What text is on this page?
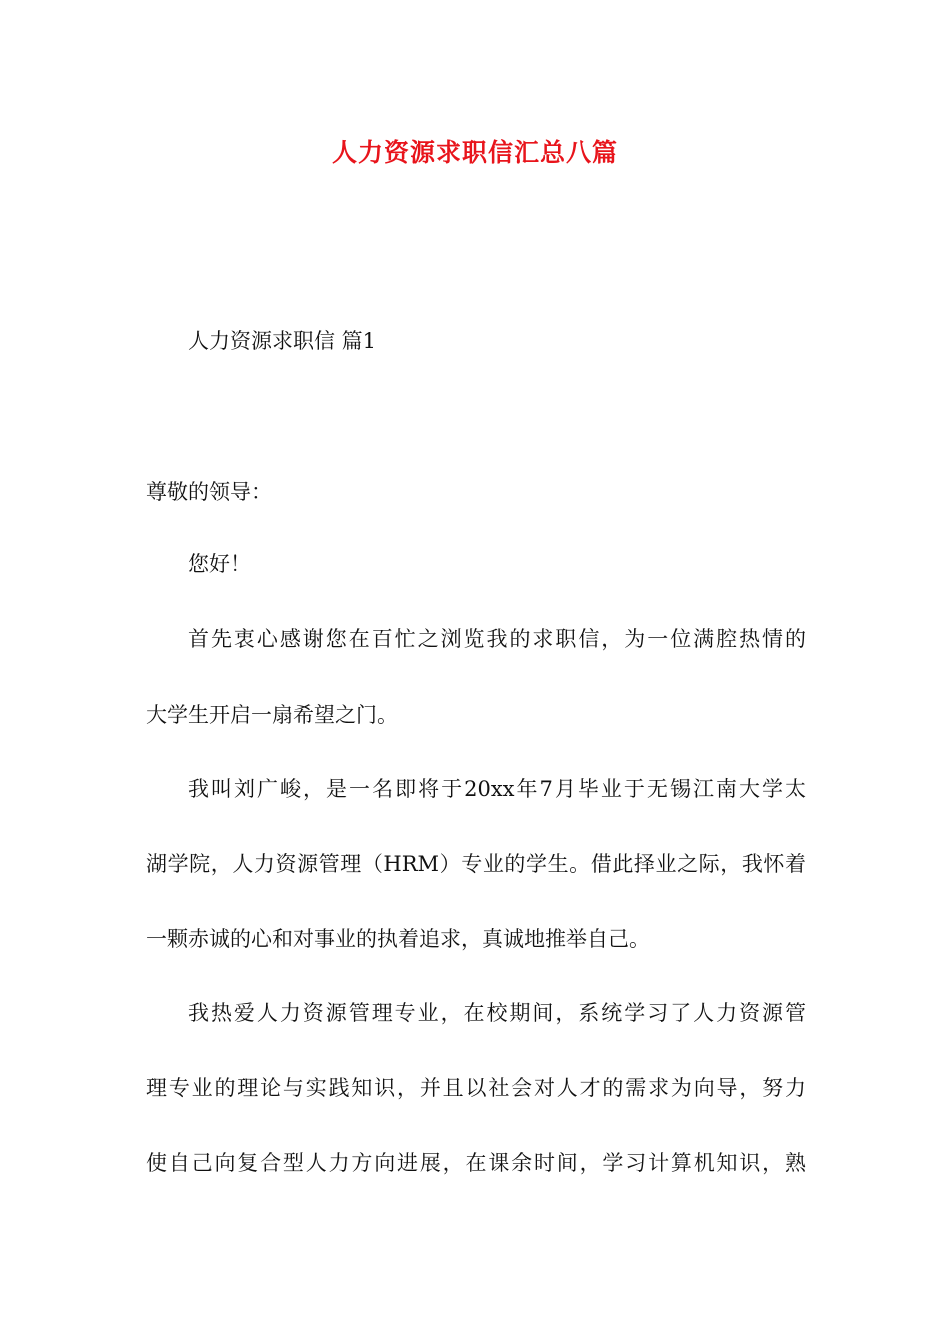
人力资源求职信汇总八篇
人力资源求职信 篇1
尊敬的领导：
您好！
首先衷心感谢您在百忙之浏览我的求职信，为一位满腔热情的
大学生开启一扇希望之门。
我叫刘广峻，是一名即将于20xx年7月毕业于无锡江南大学太
湖学院，人力资源管理（HRM）专业的学生。借此择业之际，我怀着
一颗赤诚的心和对事业的执着追求，真诚地推举自己。
我热爱人力资源管理专业，在校期间，系统学习了人力资源管
理专业的理论与实践知识，并且以社会对人才的需求为向导，努力
使自己向复合型人力方向进展，在课余时间，学习计算机知识，熟
